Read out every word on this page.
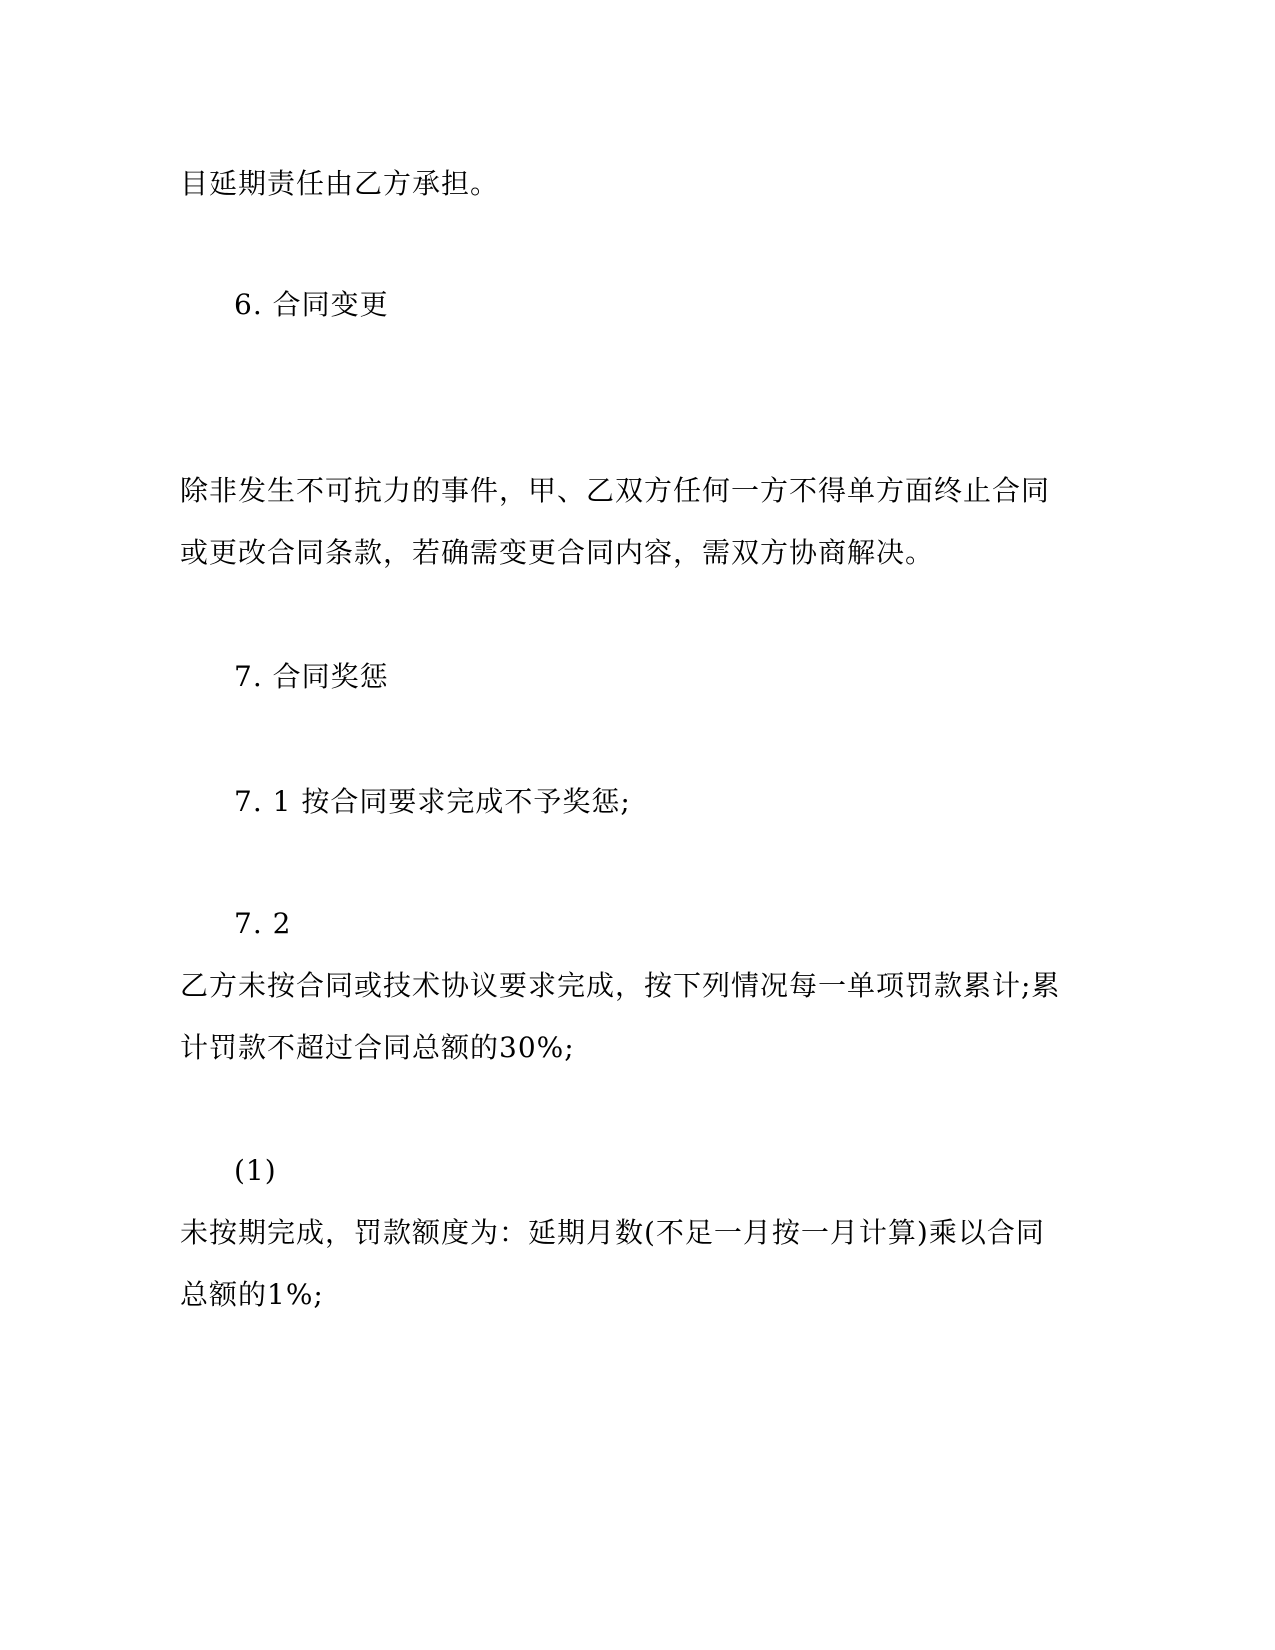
目延期责任由乙方承担。
6. 合同变更
除非发生不可抗力的事件，甲、乙双方任何一方不得单方面终止合同
或更改合同条款，若确需变更合同内容，需双方协商解决。
7. 合同奖惩
7. 1 按合同要求完成不予奖惩;
7. 2
乙方未按合同或技术协议要求完成，按下列情况每一单项罚款累计;累
计罚款不超过合同总额的30%;
(1)
未按期完成，罚款额度为：延期月数(不足一月按一月计算)乘以合同
总额的1%;
